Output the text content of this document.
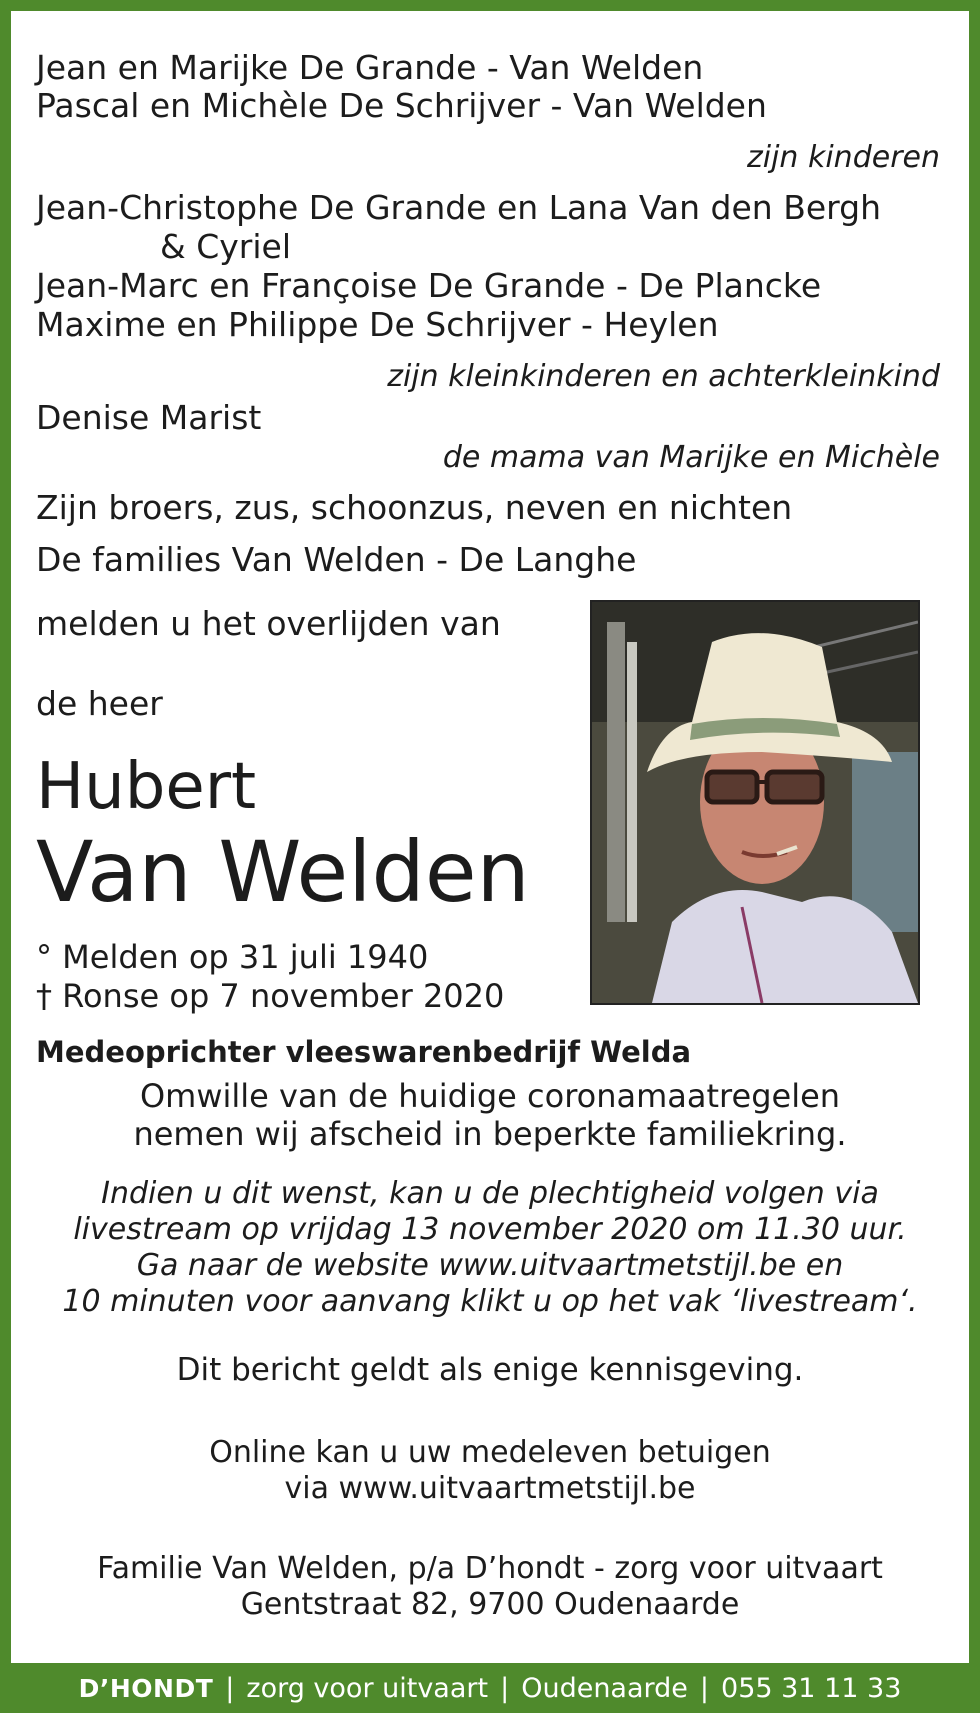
Jean en Marijke De Grande - Van Welden
Pascal en Michèle De Schrijver - Van Welden
zijn kinderen
Jean-Christophe De Grande en Lana Van den Bergh
& Cyriel
Jean-Marc en Françoise De Grande - De Plancke
Maxime en Philippe De Schrijver - Heylen
zijn kleinkinderen en achterkleinkind
Denise Marist
de mama van Marijke en Michèle
Zijn broers, zus, schoonzus, neven en nichten
De families Van Welden - De Langhe
melden u het overlijden van
de heer
Hubert
Van Welden
° Melden op 31 juli 1940
† Ronse op 7 november 2020
Medeoprichter vleeswarenbedrijf Welda
Omwille van de huidige coronamaatregelen
nemen wij afscheid in beperkte familiekring.
Indien u dit wenst, kan u de plechtigheid volgen via
livestream op vrijdag 13 november 2020 om 11.30 uur.
Ga naar de website www.uitvaartmetstijl.be en
10 minuten voor aanvang klikt u op het vak ‘livestream‘.
Dit bericht geldt als enige kennisgeving.
Online kan u uw medeleven betuigen
via www.uitvaartmetstijl.be
Familie Van Welden, p/a D’hondt - zorg voor uitvaart
Gentstraat 82, 9700 Oudenaarde
D’HONDT | zorg voor uitvaart | Oudenaarde | 055 31 11 33
